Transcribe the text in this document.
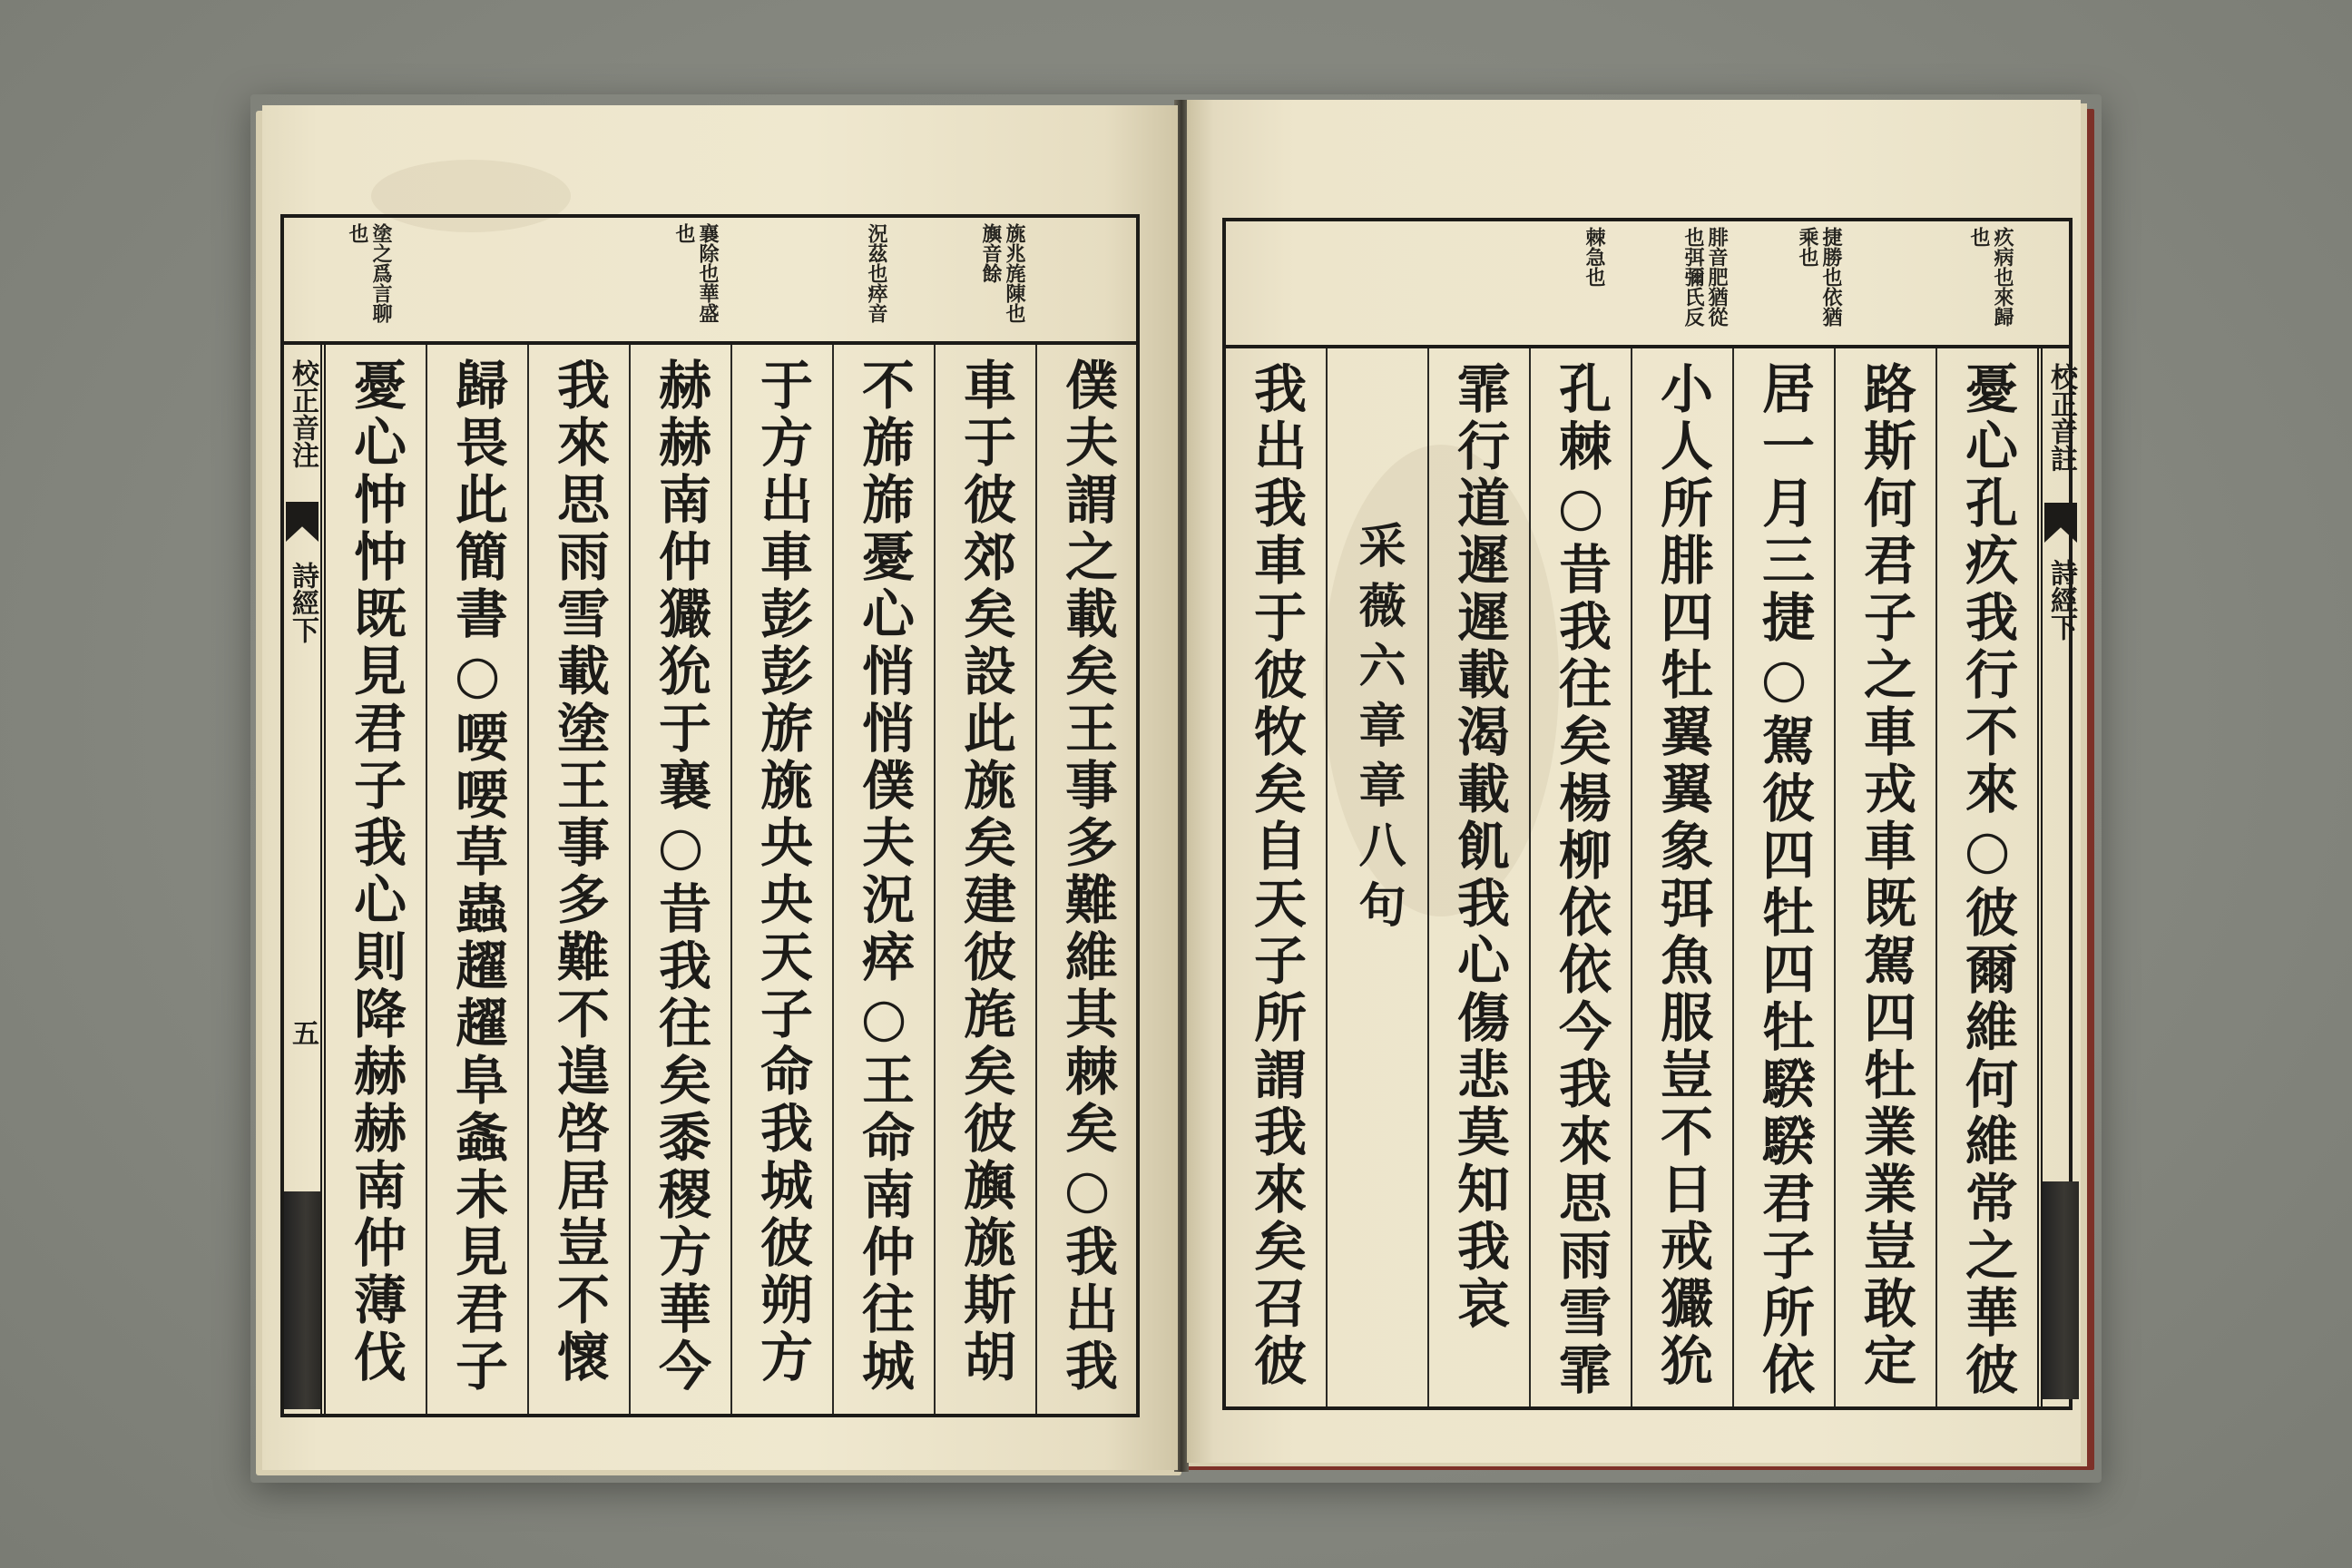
旐兆旄陳也旟音餘
況茲也瘁音
襄除也華盛也
塗之爲言聊也
校正音注
詩經下
五	僕夫謂之載矣王事多難維其棘矣○我出我
車于彼郊矣設此旐矣建彼旄矣彼旟旐斯胡
不旆旆憂心悄悄僕夫況瘁○王命南仲往城
于方出車彭彭旂旐央央天子命我城彼朔方
赫赫南仲玁狁于襄○昔我往矣黍稷方華今
我來思雨雪載塗王事多難不遑啓居豈不懷
歸畏此簡書○喓喓草蟲趯趯阜螽未見君子
憂心忡忡既見君子我心則降赫赫南仲薄伐
疚病也來歸也
捷勝也依猶乘也
腓音肥猶從也弭彌氏反
棘急也
憂心孔疚我行不來○彼爾維何維常之華彼
路斯何君子之車戎車既駕四牡業業豈敢定
居一月三捷○駕彼四牡四牡騤騤君子所依
小人所腓四牡翼翼象弭魚服豈不日戒玁狁
孔棘○昔我往矣楊柳依依今我來思雨雪霏
霏行道遲遲載渴載飢我心傷悲莫知我哀
采薇六章章八句
我出我車于彼牧矣自天子所謂我來矣召彼	校正音註
詩經下
